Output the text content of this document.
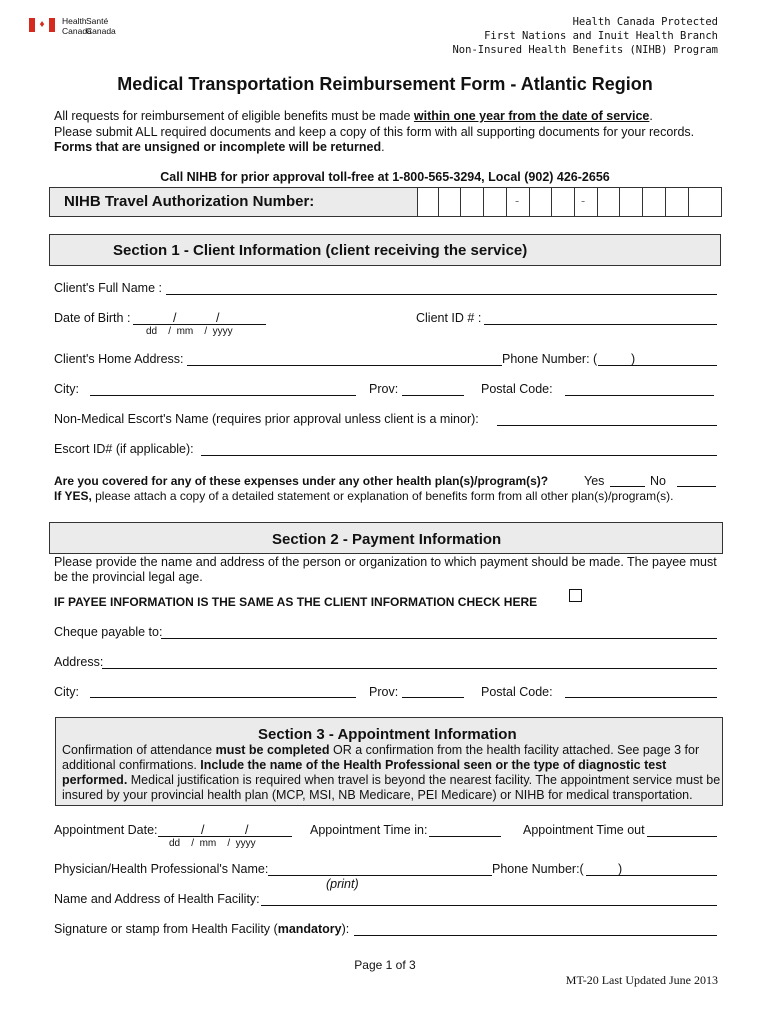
♦ Health
Canada
Santé
Canada
Health Canada Protected
First Nations and Inuit Health Branch
Non-Insured Health Benefits (NIHB) Program
Medical Transportation Reimbursement Form - Atlantic Region
All requests for reimbursement of eligible benefits must be made within one year from the date of service.
Please submit ALL required documents and keep a copy of this form with all supporting documents for your records.
Forms that are unsigned or incomplete will be returned.
Call NIHB for prior approval toll-free at 1-800-565-3294, Local (902) 426-2656
NIHB Travel Authorization Number:	-	-
Section 1 - Client Information (client receiving the service)
Client's Full Name :
Date of Birth :	/	/
dd    /  mm    /  yyyy
Client ID # :
Client's Home Address:	Phone Number: (	)
City:	Prov:	Postal Code:
Non-Medical Escort's Name (requires prior approval unless client is a minor):
Escort ID# (if applicable):
Are you covered for any of these expenses under any other health plan(s)/program(s)?	Yes	No
If YES, please attach a copy of a detailed statement or explanation of benefits form from all other plan(s)/program(s).
Section 2 - Payment Information
Please provide the name and address of the person or organization to which payment should be made. The payee must
be the provincial legal age.
IF PAYEE INFORMATION IS THE SAME AS THE CLIENT INFORMATION CHECK HERE
Cheque payable to:
Address:
City:	Prov:	Postal Code:
Section 3 - Appointment Information
Confirmation of attendance must be completed OR a confirmation from the health facility attached. See page 3 for
additional confirmations. Include the name of the Health Professional seen or the type of diagnostic test
performed. Medical justification is required when travel is beyond the nearest facility. The appointment service must be
insured by your provincial health plan (MCP, MSI, NB Medicare, PEI Medicare) or NIHB for medical transportation.
Appointment Date:	/	/
dd    /  mm    /  yyyy
Appointment Time in:	Appointment Time out
Physician/Health Professional's Name:	Phone Number:(	)
(print)
Name and Address of Health Facility:
Signature or stamp from Health Facility (mandatory):
Page 1 of 3
MT-20 Last Updated June 2013
